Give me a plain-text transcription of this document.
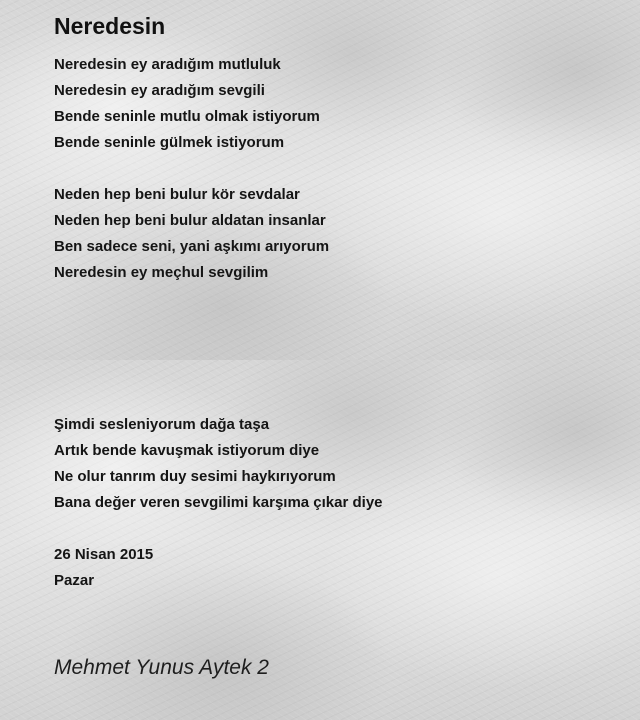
Neredesin
Neredesin ey aradığım mutluluk
Neredesin ey aradığım sevgili
Bende seninle mutlu olmak istiyorum
Bende seninle gülmek istiyorum
Neden hep beni bulur kör sevdalar
Neden hep beni bulur aldatan insanlar
Ben sadece seni, yani aşkımı arıyorum
Neredesin ey meçhul sevgilim
Şimdi sesleniyorum dağa taşa
Artık bende kavuşmak istiyorum diye
Ne olur tanrım duy sesimi haykırıyorum
Bana değer veren sevgilimi karşıma çıkar diye
26 Nisan 2015
Pazar
Mehmet Yunus Aytek 2
